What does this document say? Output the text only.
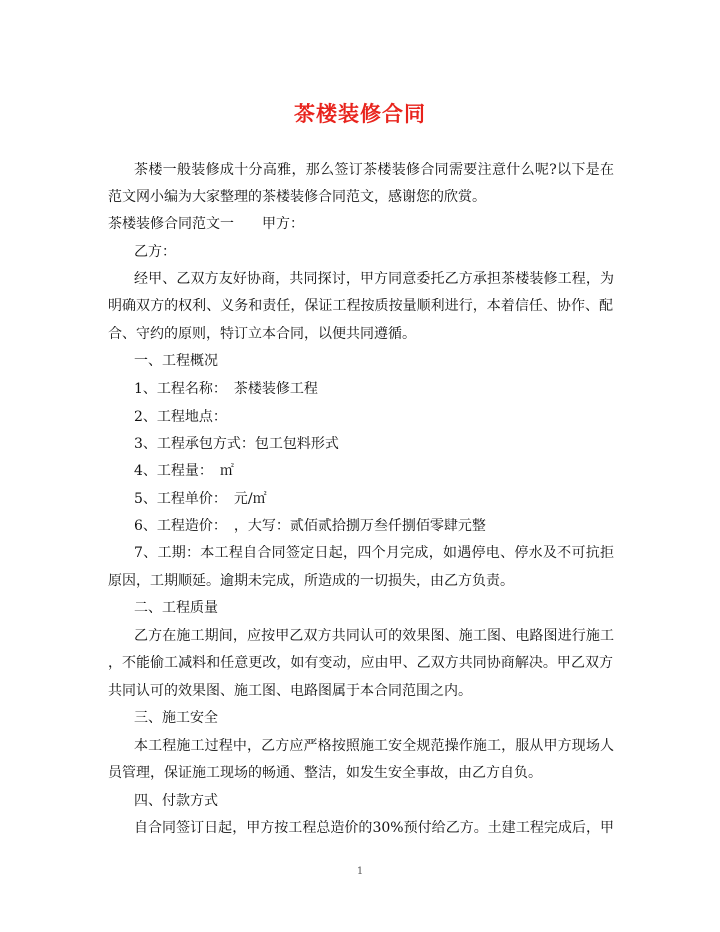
茶楼装修合同
茶楼一般装修成十分高雅，那么签订茶楼装修合同需要注意什么呢?以下是在
范文网小编为大家整理的茶楼装修合同范文，感谢您的欣赏。
茶楼装修合同范文一　　甲方：
乙方：
经甲、乙双方友好协商，共同探讨，甲方同意委托乙方承担茶楼装修工程，为
明确双方的权利、义务和责任，保证工程按质按量顺利进行，本着信任、协作、配
合、守约的原则，特订立本合同，以便共同遵循。
一、工程概况
1、工程名称：　茶楼装修工程
2、工程地点：
3、工程承包方式：包工包料形式
4、工程量：　㎡
5、工程单价：　元/㎡
6、工程造价：　，大写：贰佰贰拾捌万叁仟捌佰零肆元整
7、工期：本工程自合同签定日起，四个月完成，如遇停电、停水及不可抗拒
原因，工期顺延。逾期未完成，所造成的一切损失，由乙方负责。
二、工程质量
乙方在施工期间，应按甲乙双方共同认可的效果图、施工图、电路图进行施工
，不能偷工减料和任意更改，如有变动，应由甲、乙双方共同协商解决。甲乙双方
共同认可的效果图、施工图、电路图属于本合同范围之内。
三、施工安全
本工程施工过程中，乙方应严格按照施工安全规范操作施工，服从甲方现场人
员管理，保证施工现场的畅通、整洁，如发生安全事故，由乙方自负。
四、付款方式
自合同签订日起，甲方按工程总造价的30%预付给乙方。土建工程完成后，甲
1
